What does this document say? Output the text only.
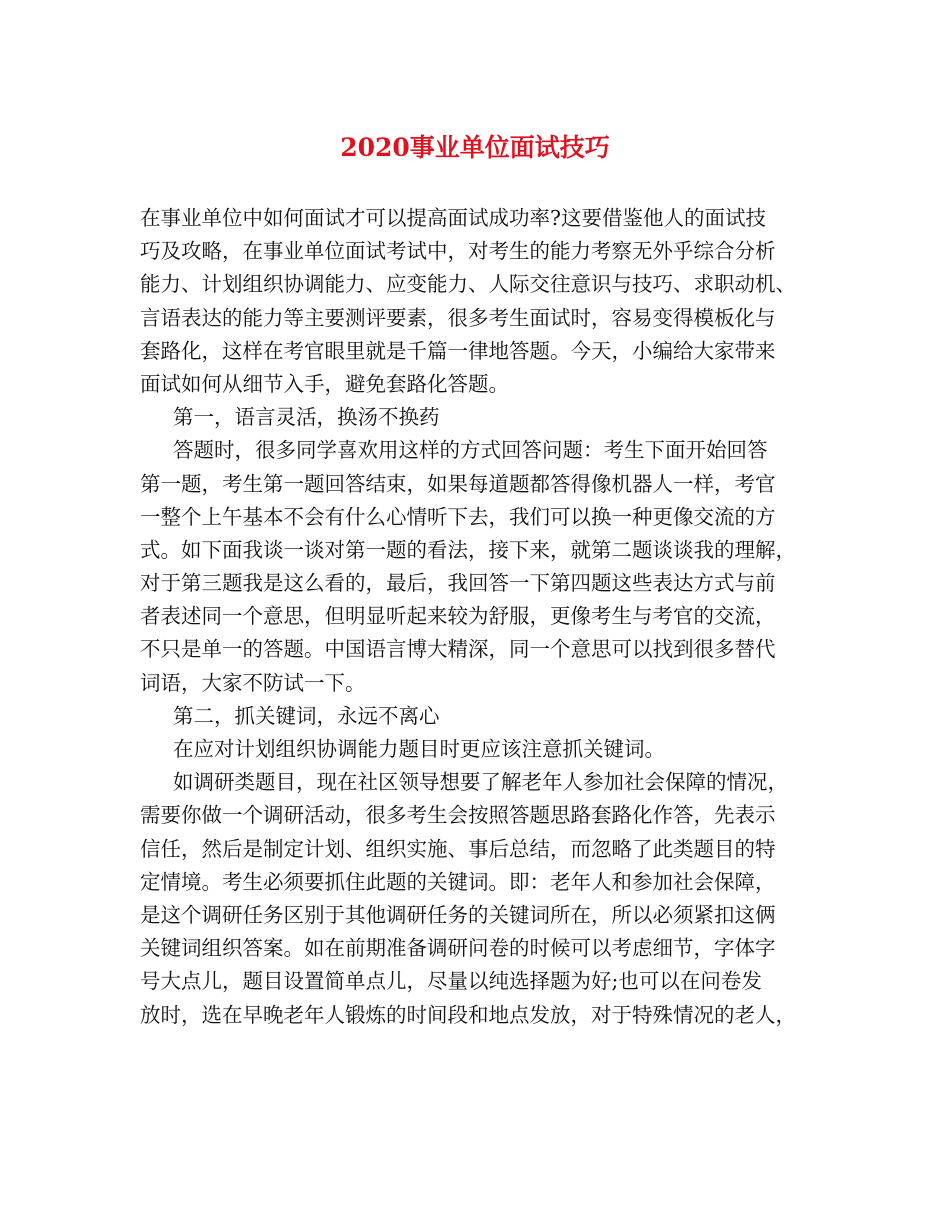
2020事业单位面试技巧
在事业单位中如何面试才可以提高面试成功率?这要借鉴他人的面试技
巧及攻略，在事业单位面试考试中，对考生的能力考察无外乎综合分析
能力、计划组织协调能力、应变能力、人际交往意识与技巧、求职动机、
言语表达的能力等主要测评要素，很多考生面试时，容易变得模板化与
套路化，这样在考官眼里就是千篇一律地答题。今天，小编给大家带来
面试如何从细节入手，避免套路化答题。
第一，语言灵活，换汤不换药
答题时，很多同学喜欢用这样的方式回答问题：考生下面开始回答
第一题，考生第一题回答结束，如果每道题都答得像机器人一样，考官
一整个上午基本不会有什么心情听下去，我们可以换一种更像交流的方
式。如下面我谈一谈对第一题的看法，接下来，就第二题谈谈我的理解，
对于第三题我是这么看的，最后，我回答一下第四题这些表达方式与前
者表述同一个意思，但明显听起来较为舒服，更像考生与考官的交流，
不只是单一的答题。中国语言博大精深，同一个意思可以找到很多替代
词语，大家不防试一下。
第二，抓关键词，永远不离心
在应对计划组织协调能力题目时更应该注意抓关键词。
如调研类题目，现在社区领导想要了解老年人参加社会保障的情况，
需要你做一个调研活动，很多考生会按照答题思路套路化作答，先表示
信任，然后是制定计划、组织实施、事后总结，而忽略了此类题目的特
定情境。考生必须要抓住此题的关键词。即：老年人和参加社会保障，
是这个调研任务区别于其他调研任务的关键词所在，所以必须紧扣这俩
关键词组织答案。如在前期准备调研问卷的时候可以考虑细节，字体字
号大点儿，题目设置简单点儿，尽量以纯选择题为好;也可以在问卷发
放时，选在早晚老年人锻炼的时间段和地点发放，对于特殊情况的老人，
